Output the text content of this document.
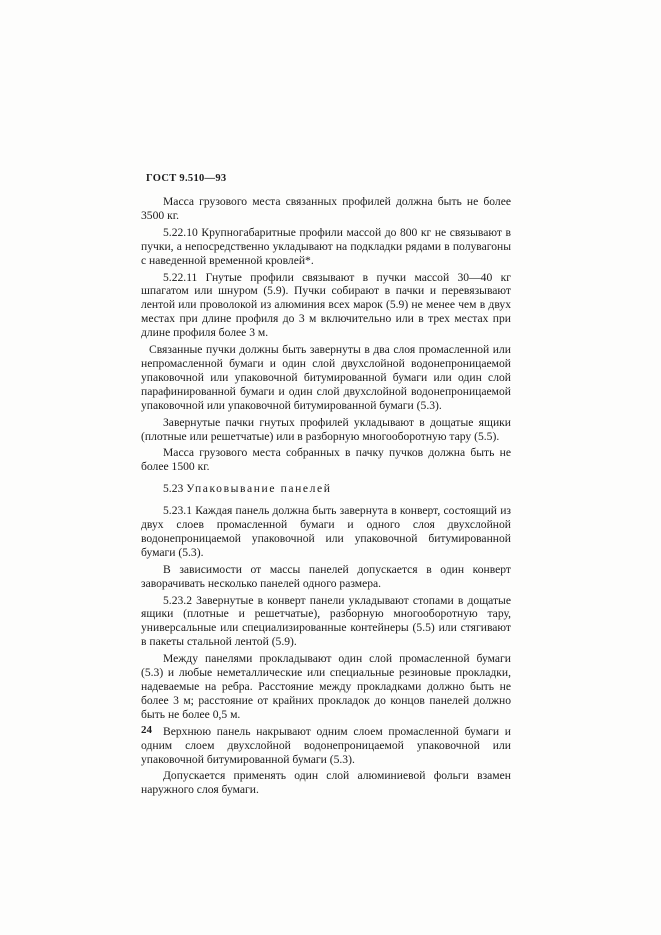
ГОСТ 9.510—93

Масса грузового места связанных профилей должна быть не более 3500 кг.

5.22.10 Крупногабаритные профили массой до 800 кг не связывают в пучки, а непосредственно укладывают на подкладки рядами в полувагоны с наведенной временной кровлей*.

5.22.11 Гнутые профили связывают в пучки массой 30—40 кг шпагатом или шнуром (5.9). Пучки собирают в пачки и перевязывают лентой или проволокой из алюминия всех марок (5.9) не менее чем в двух местах при длине профиля до 3 м включительно или в трех местах при длине профиля более 3 м.

Связанные пучки должны быть завернуты в два слоя промасленной или непромасленной бумаги и один слой двухслойной водонепроницаемой упаковочной или упаковочной битумированной бумаги или один слой парафинированной бумаги и один слой двухслойной водонепроницаемой упаковочной или упаковочной битумированной бумаги (5.3).

Завернутые пачки гнутых профилей укладывают в дощатые ящики (плотные или решетчатые) или в разборную многооборотную тару (5.5).

Масса грузового места собранных в пачку пучков должна быть не более 1500 кг.

5.23 Упаковывание панелей

5.23.1 Каждая панель должна быть завернута в конверт, состоящий из двух слоев промасленной бумаги и одного слоя двухслойной водонепроницаемой упаковочной или упаковочной битумированной бумаги (5.3).

В зависимости от массы панелей допускается в один конверт заворачивать несколько панелей одного размера.

5.23.2 Завернутые в конверт панели укладывают стопами в дощатые ящики (плотные и решетчатые), разборную многооборотную тару, универсальные или специализированные контейнеры (5.5) или стягивают в пакеты стальной лентой (5.9).

Между панелями прокладывают один слой промасленной бумаги (5.3) и любые неметаллические или специальные резиновые прокладки, надеваемые на ребра. Расстояние между прокладками должно быть не более 3 м; расстояние от крайних прокладок до концов панелей должно быть не более 0,5 м.

Верхнюю панель накрывают одним слоем промасленной бумаги и одним слоем двухслойной водонепроницаемой упаковочной или упаковочной битумированной бумаги (5.3).

Допускается применять один слой алюминиевой фольги взамен наружного слоя бумаги.

24
